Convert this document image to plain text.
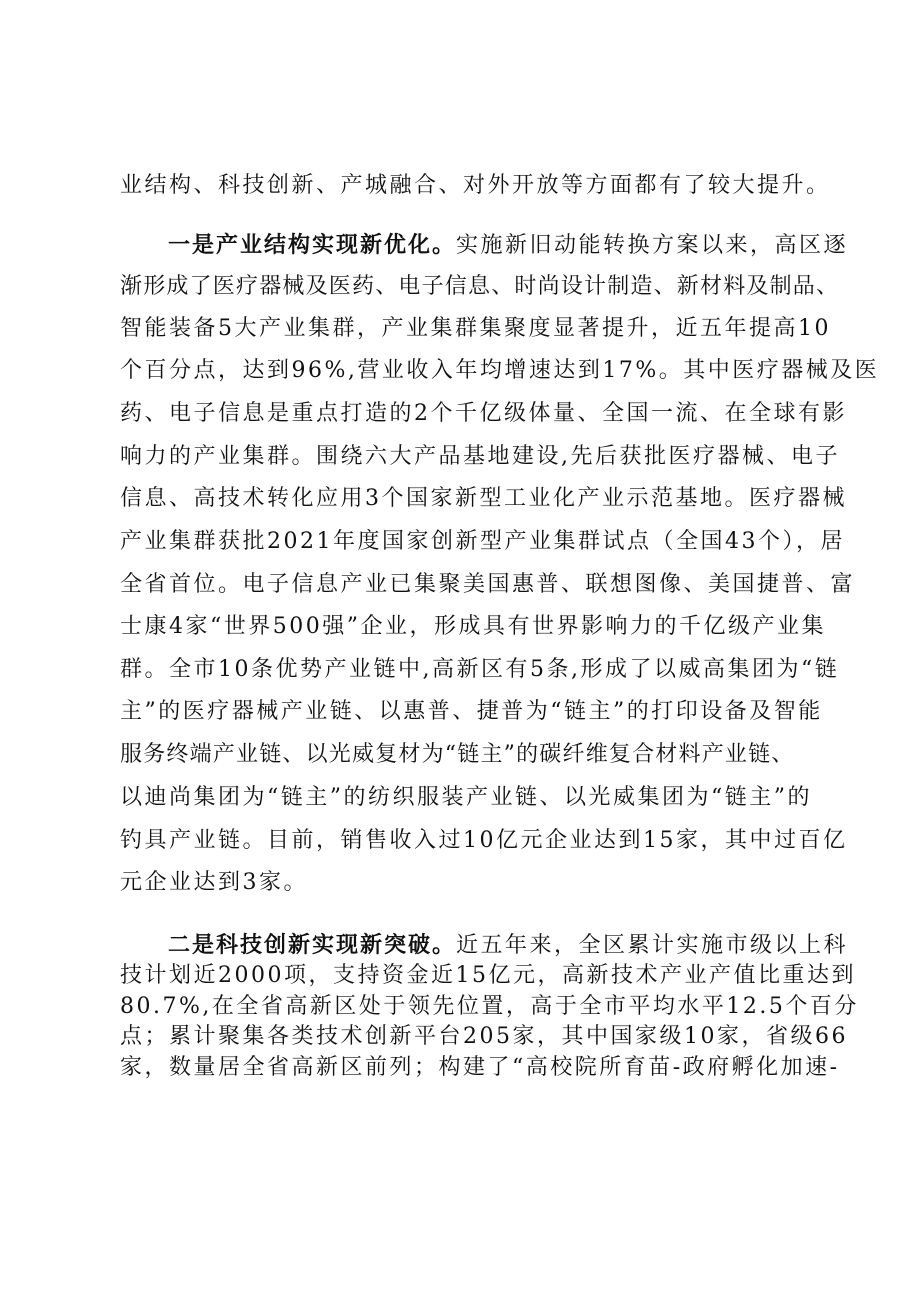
业结构、科技创新、产城融合、对外开放等方面都有了较大提升。
一是产业结构实现新优化。实施新旧动能转换方案以来，高区逐
渐形成了医疗器械及医药、电子信息、时尚设计制造、新材料及制品、
智能装备5大产业集群，产业集群集聚度显著提升，近五年提高10
个百分点，达到96%,营业收入年均增速达到17%。其中医疗器械及医
药、电子信息是重点打造的2个千亿级体量、全国一流、在全球有影
响力的产业集群。围绕六大产品基地建设,先后获批医疗器械、电子
信息、高技术转化应用3个国家新型工业化产业示范基地。医疗器械
产业集群获批2021年度国家创新型产业集群试点（全国43个），居
全省首位。电子信息产业已集聚美国惠普、联想图像、美国捷普、富
士康4家“世界500强”企业，形成具有世界影响力的千亿级产业集
群。全市10条优势产业链中,高新区有5条,形成了以威高集团为“链
主”的医疗器械产业链、以惠普、捷普为“链主”的打印设备及智能
服务终端产业链、以光威复材为“链主”的碳纤维复合材料产业链、
以迪尚集团为“链主”的纺织服装产业链、以光威集团为“链主”的
钓具产业链。目前，销售收入过10亿元企业达到15家，其中过百亿
元企业达到3家。
二是科技创新实现新突破。近五年来，全区累计实施市级以上科
技计划近2000项，支持资金近15亿元，高新技术产业产值比重达到
80.7%,在全省高新区处于领先位置，高于全市平均水平12.5个百分
点；累计聚集各类技术创新平台205家，其中国家级10家，省级66
家，数量居全省高新区前列；构建了“高校院所育苗-政府孵化加速-
